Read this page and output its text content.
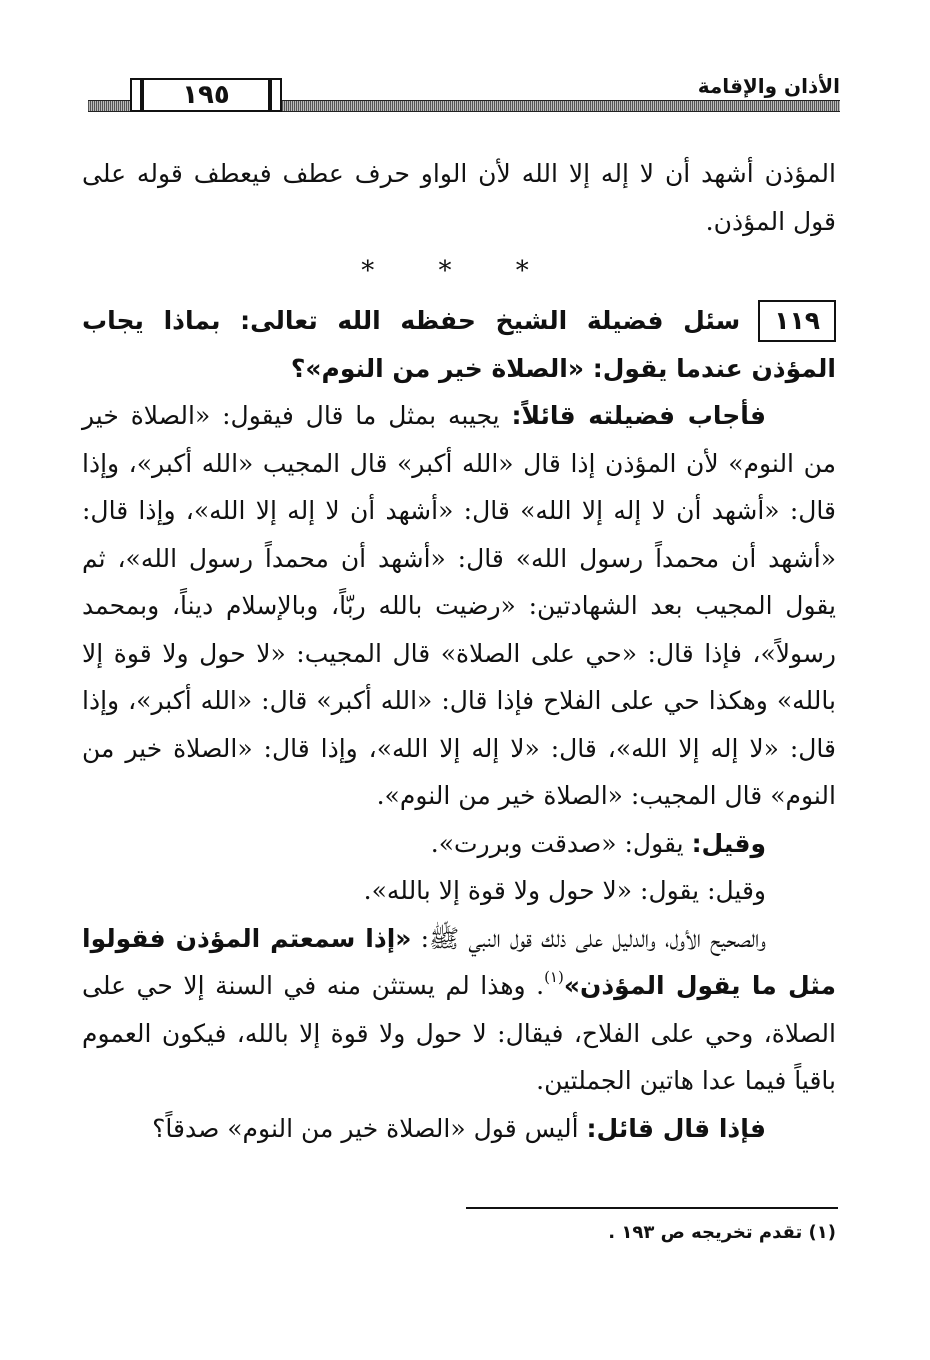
١٩٥	الأذان والإقامة

المؤذن أشهد أن لا إله إلا الله لأن الواو حرف عطف فيعطف قوله على قول المؤذن.

* * *

١١٩سئل فضيلة الشيخ حفظه الله تعالى: بماذا يجاب المؤذن عندما يقول: «الصلاة خير من النوم»؟

فأجاب فضيلته قائلاً: يجيبه بمثل ما قال فيقول: «الصلاة خير من النوم» لأن المؤذن إذا قال «الله أكبر» قال المجيب «الله أكبر»، وإذا قال: «أشهد أن لا إله إلا الله» قال: «أشهد أن لا إله إلا الله»، وإذا قال: «أشهد أن محمداً رسول الله» قال: «أشهد أن محمداً رسول الله»، ثم يقول المجيب بعد الشهادتين: «رضيت بالله ربّاً، وبالإسلام ديناً، وبمحمد رسولاً»، فإذا قال: «حي على الصلاة» قال المجيب: «لا حول ولا قوة إلا بالله» وهكذا حي على الفلاح فإذا قال: «الله أكبر» قال: «الله أكبر»، وإذا قال: «لا إله إلا الله»، قال: «لا إله إلا الله»، وإذا قال: «الصلاة خير من النوم» قال المجيب: «الصلاة خير من النوم».

وقيل: يقول: «صدقت وبررت».

وقيل: يقول: «لا حول ولا قوة إلا بالله».

والصحيح الأول، والدليل على ذلك قول النبي ﷺ: «إذا سمعتم المؤذن فقولوا مثل ما يقول المؤذن»$^{(١)}$. وهذا لم يستثن منه في السنة إلا حي على الصلاة، وحي على الفلاح، فيقال: لا حول ولا قوة إلا بالله، فيكون العموم باقياً فيما عدا هاتين الجملتين.

فإذا قال قائل: أليس قول «الصلاة خير من النوم» صدقاً؟

(١) تقدم تخريجه ص ١٩٣ .
